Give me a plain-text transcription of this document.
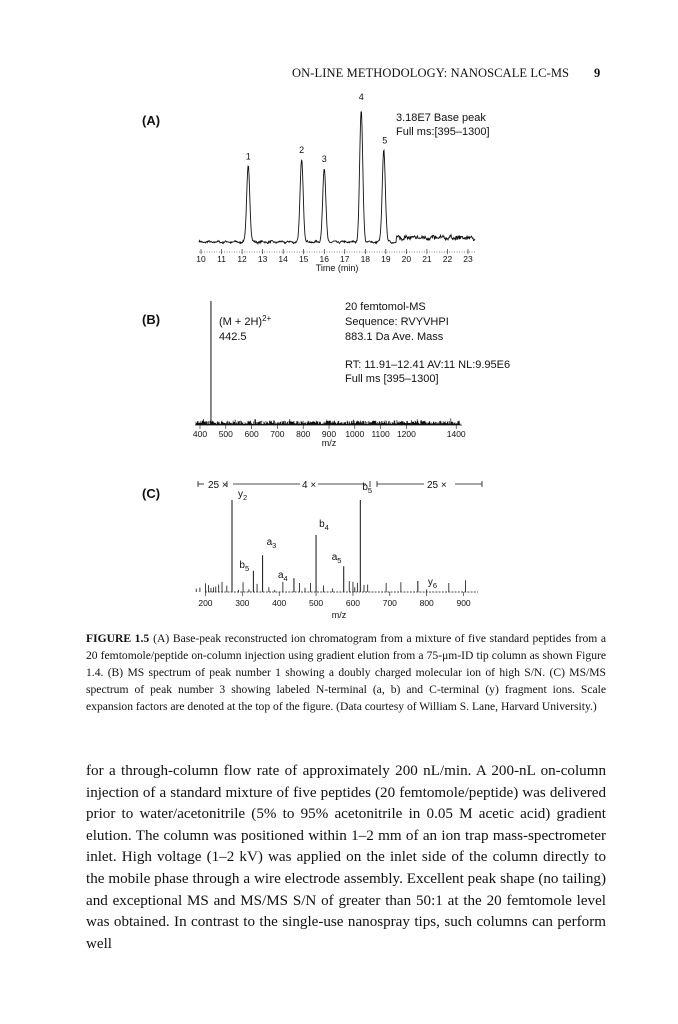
ON-LINE METHODOLOGY: NANOSCALE LC-MS 9
(A)
(B)
(C)
10 11 12 13 14 15 16 17 18 19 20 21 22 23
1
2
3
4
5
Time (min)
3.18E7 Base peak
Full ms:[395–1300]
400 500 600 700 800 900 1000 1100 1200	1400
m/z
$(M + 2H)^{2+}$
442.5
20 femtomol-MS
Sequence: RVYVHPI
883.1 Da Ave. Mass
RT: 11.91–12.41 AV:11 NL:9.95E6
Full ms [395–1300]
25 ×	4 ×	25 ×
$y_2$
$b_5$
$a_3$
$a_4$
$b_4$
$a_5$
$b_5$
$y_6$
200	300	400	500	600	700	800	900
m/z
FIGURE 1.5 (A) Base-peak reconstructed ion chromatogram from a mixture of five standard peptides from a 20 femtomole/peptide on-column injection using gradient elution from a 75-μm-ID tip column as shown Figure 1.4. (B) MS spectrum of peak number 1 showing a doubly charged molecular ion of high S/N. (C) MS/MS spectrum of peak number 3 showing labeled N-terminal (a, b) and C-terminal (y) fragment ions. Scale expansion factors are denoted at the top of the figure. (Data courtesy of William S. Lane, Harvard University.)
for a through-column flow rate of approximately 200 nL/min. A 200-nL on-column injection of a standard mixture of five peptides (20 femtomole/peptide) was delivered prior to water/acetonitrile (5% to 95% acetonitrile in 0.05 M acetic acid) gradient elution. The column was positioned within 1–2 mm of an ion trap mass-spectrometer inlet. High voltage (1–2 kV) was applied on the inlet side of the column directly to the mobile phase through a wire electrode assembly. Excellent peak shape (no tailing) and exceptional MS and MS/MS S/N of greater than 50:1 at the 20 femtomole level was obtained. In contrast to the single-use nanospray tips, such columns can perform well
